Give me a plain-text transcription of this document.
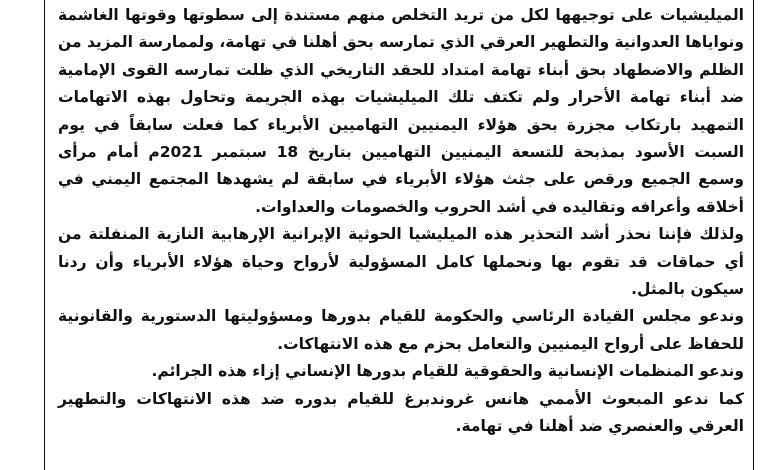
الميليشيات على توجيهها لكل من تريد التخلص منهم مستندة إلى سطوتها وقوتها الغاشمة ونواياها العدوانية والتطهير العرقي الذي تمارسه بحق أهلنا في تهامة، ولممارسة المزيد من الظلم والاضطهاد بحق أبناء تهامة امتداد للحقد التاريخي الذي ظلت تمارسه القوى الإمامية ضد أبناء تهامة الأحرار ولم تكتف تلك الميليشيات بهذه الجريمة وتحاول بهذه الاتهامات التمهيد بارتكاب مجزرة بحق هؤلاء اليمنيين التهاميين الأبرياء كما فعلت سابقاً في يوم السبت الأسود بمذبحة للتسعة اليمنيين التهاميين بتاريخ 18 سبتمبر 2021م أمام مرأى وسمع الجميع ورقص على جثث هؤلاء الأبرياء في سابقة لم يشهدها المجتمع اليمني في أخلاقه وأعرافه وتقاليده في أشد الحروب والخصومات والعداوات.

ولذلك فإننا نحذر أشد التحذير هذه الميليشيا الحوثية الإيرانية الإرهابية النازية المنفلتة من أي حماقات قد تقوم بها ونحملها كامل المسؤولية لأرواح وحياة هؤلاء الأبرياء وأن ردنا سيكون بالمثل.

وندعو مجلس القيادة الرئاسي والحكومة للقيام بدورها ومسؤوليتها الدستورية والقانونية للحفاظ على أرواح اليمنيين والتعامل بحزم مع هذه الانتهاكات.

وندعو المنظمات الإنسانية والحقوقية للقيام بدورها الإنساني إزاء هذه الجرائم.

كما ندعو المبعوث الأممي هانس غروندبرغ للقيام بدوره ضد هذه الانتهاكات والتطهير العرقي والعنصري ضد أهلنا في تهامة.
